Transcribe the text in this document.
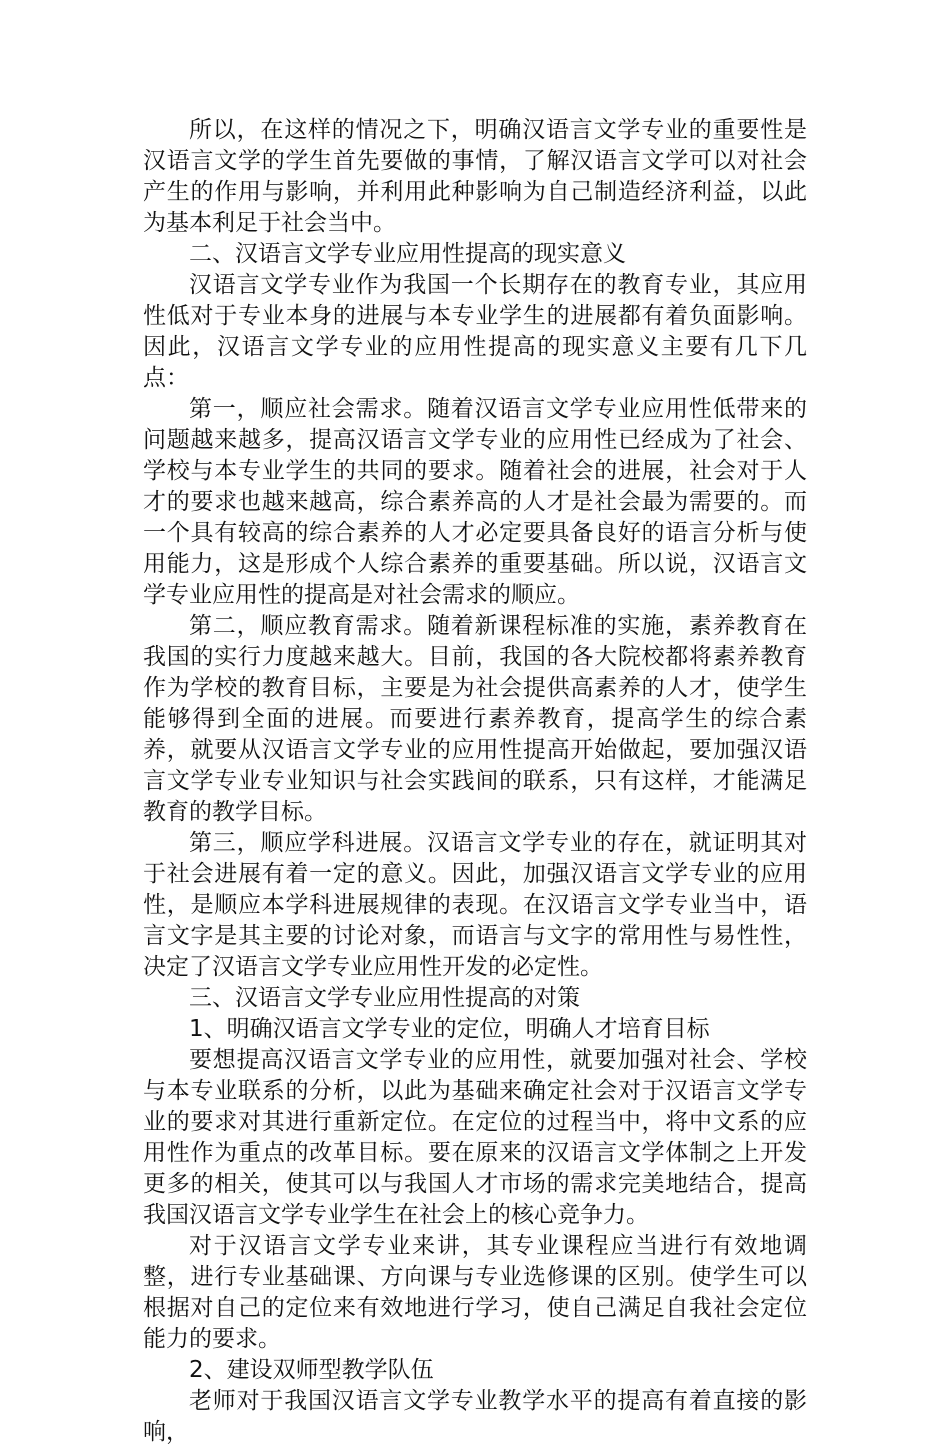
所以，在这样的情况之下，明确汉语言文学专业的重要性是汉语言文学的学生首先要做的事情，了解汉语言文学可以对社会产生的作用与影响，并利用此种影响为自己制造经济利益，以此为基本利足于社会当中。

二、汉语言文学专业应用性提高的现实意义

汉语言文学专业作为我国一个长期存在的教育专业，其应用性低对于专业本身的进展与本专业学生的进展都有着负面影响。因此，汉语言文学专业的应用性提高的现实意义主要有几下几点：

第一，顺应社会需求。随着汉语言文学专业应用性低带来的问题越来越多，提高汉语言文学专业的应用性已经成为了社会、学校与本专业学生的共同的要求。随着社会的进展，社会对于人才的要求也越来越高，综合素养高的人才是社会最为需要的。而一个具有较高的综合素养的人才必定要具备良好的语言分析与使用能力，这是形成个人综合素养的重要基础。所以说，汉语言文学专业应用性的提高是对社会需求的顺应。

第二，顺应教育需求。随着新课程标准的实施，素养教育在我国的实行力度越来越大。目前，我国的各大院校都将素养教育作为学校的教育目标，主要是为社会提供高素养的人才，使学生能够得到全面的进展。而要进行素养教育，提高学生的综合素养，就要从汉语言文学专业的应用性提高开始做起，要加强汉语言文学专业专业知识与社会实践间的联系，只有这样，才能满足教育的教学目标。

第三，顺应学科进展。汉语言文学专业的存在，就证明其对于社会进展有着一定的意义。因此，加强汉语言文学专业的应用性，是顺应本学科进展规律的表现。在汉语言文学专业当中，语言文字是其主要的讨论对象，而语言与文字的常用性与易性性，决定了汉语言文学专业应用性开发的必定性。

三、汉语言文学专业应用性提高的对策

1、明确汉语言文学专业的定位，明确人才培育目标

要想提高汉语言文学专业的应用性，就要加强对社会、学校与本专业联系的分析，以此为基础来确定社会对于汉语言文学专业的要求对其进行重新定位。在定位的过程当中，将中文系的应用性作为重点的改革目标。要在原来的汉语言文学体制之上开发更多的相关，使其可以与我国人才市场的需求完美地结合，提高我国汉语言文学专业学生在社会上的核心竞争力。

对于汉语言文学专业来讲，其专业课程应当进行有效地调整，进行专业基础课、方向课与专业选修课的区别。使学生可以根据对自己的定位来有效地进行学习，使自己满足自我社会定位能力的要求。

2、建设双师型教学队伍

老师对于我国汉语言文学专业教学水平的提高有着直接的影响，
